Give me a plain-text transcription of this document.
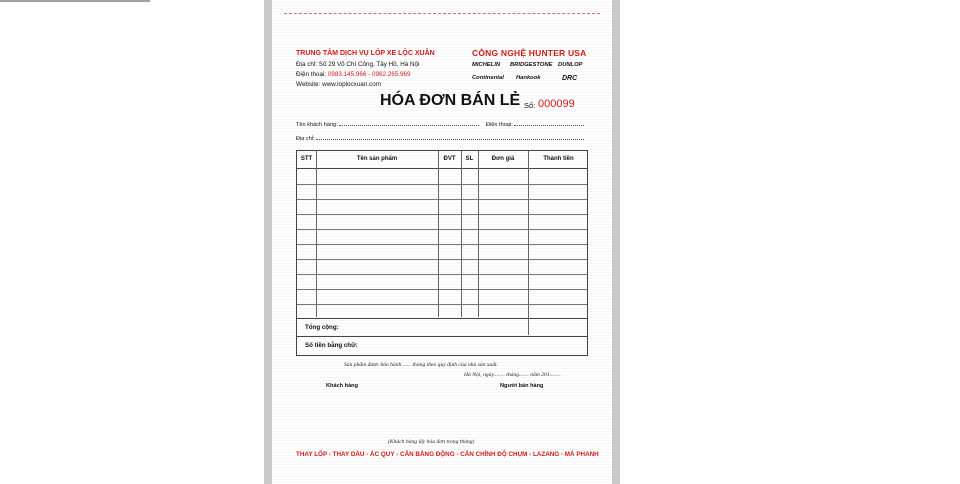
TRUNG TÂM DỊCH VỤ LỐP XE LỘC XUÂN
Địa chỉ: Số 29 Võ Chí Công, Tây Hồ, Hà Nội
Điện thoại: 0983.145.966 - 0962.265.969
Website: www.loplocxuan.com
CÔNG NGHỆ HUNTER USA
MICHELIN BRIDGESTONE DUNLOP
Continental Hankook	DRC
HÓA ĐƠN BÁN LẺ Số: 000099
Tên khách hàng:	Điện thoại:
Địa chỉ:
STT	Tên sản phẩm	ĐVT	SL	Đơn giá	Thành tiền
Tổng cộng:
Số tiền bằng chữ:
Sản phẩm được bảo hành ...... tháng theo quy định của nhà sản xuất.
Hà Nội, ngày........ tháng....... năm 201........
Khách hàng	Người bán hàng
(Khách hàng lấy hóa đơn trong tháng)
THAY LỐP - THAY DẦU - ẮC QUY - CÂN BẰNG ĐỘNG - CÂN CHỈNH ĐỘ CHỤM - LAZANG - MÁ PHANH
